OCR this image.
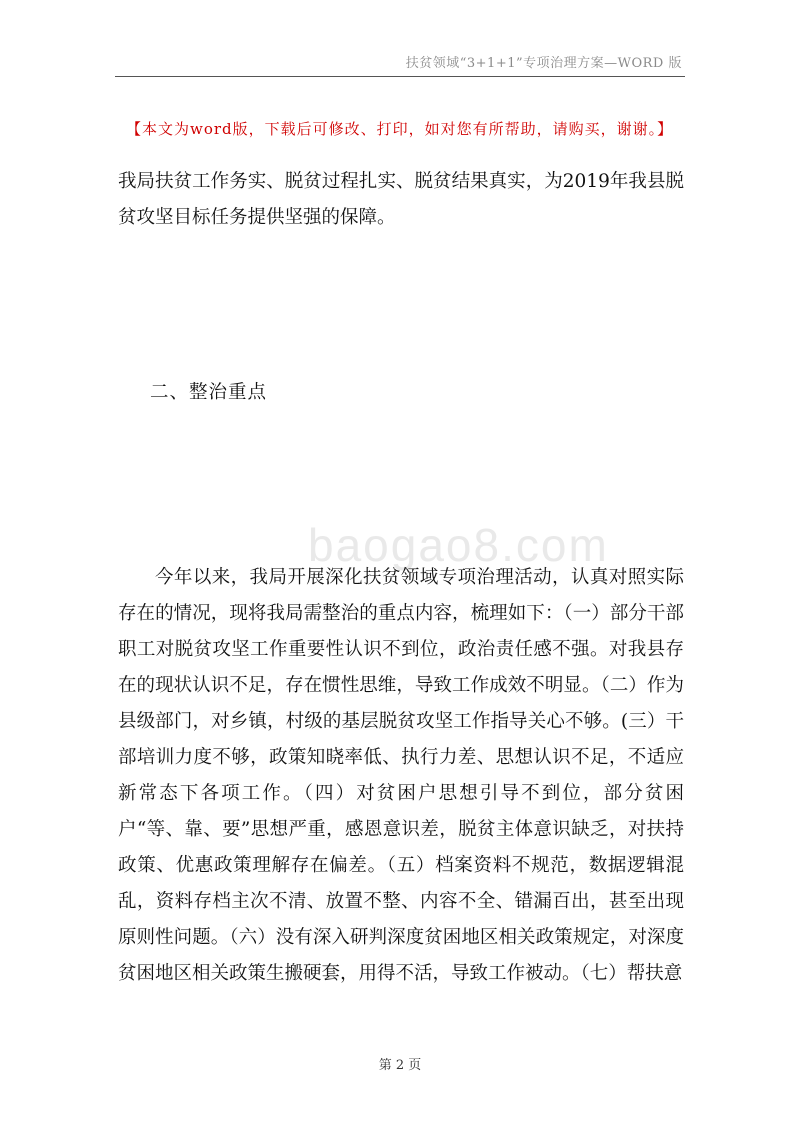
扶贫领域“3+1+1”专项治理方案—WORD 版
【本文为word版，下载后可修改、打印，如对您有所帮助，请购买，谢谢。】

我局扶贫工作务实、脱贫过程扎实、脱贫结果真实，为2019年我县脱贫攻坚目标任务提供坚强的保障。

二、整治重点
baogao8.com

今年以来，我局开展深化扶贫领域专项治理活动，认真对照实际存在的情况，现将我局需整治的重点内容，梳理如下：（一）部分干部职工对脱贫攻坚工作重要性认识不到位，政治责任感不强。对我县存在的现状认识不足，存在惯性思维，导致工作成效不明显。（二）作为县级部门，对乡镇，村级的基层脱贫攻坚工作指导关心不够。(三）干部培训力度不够，政策知晓率低、执行力差、思想认识不足，不适应新常态下各项工作。（四）对贫困户思想引导不到位，部分贫困户“等、靠、要”思想严重，感恩意识差，脱贫主体意识缺乏，对扶持政策、优惠政策理解存在偏差。（五）档案资料不规范，数据逻辑混乱，资料存档主次不清、放置不整、内容不全、错漏百出，甚至出现原则性问题。（六）没有深入研判深度贫困地区相关政策规定，对深度贫困地区相关政策生搬硬套，用得不活，导致工作被动。（七）帮扶意

第 2 页
